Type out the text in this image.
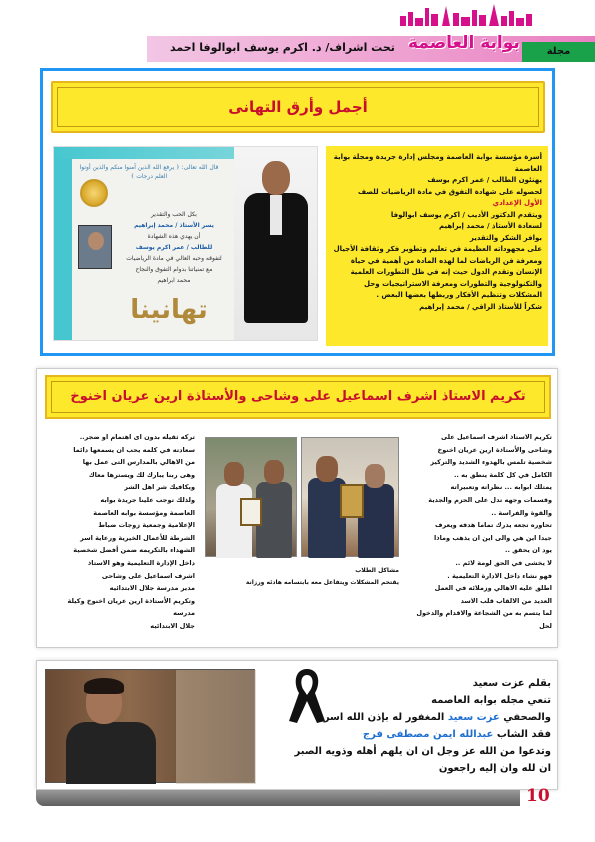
تحت اشراف/ د. اكرم يوسف ابوالوفا احمد بوابة العاصمة	مجلة
أجمل وأرق التهانى
قال الله تعالى: ﴿ يرفع الله الذين آمنوا منكم والذين أوتوا العلم درجات ﴾
بكل الحب والتقدير
يسر الأستاذ / محمد إبراهيم
أن يهدي هذه الشهادة
للطالب / عمر اكرم يوسف
لتفوقه وحبه العالي في مادة الرياضيات
مع تمنياتنا بدوام التفوق والنجاح
محمد ابراهيم
تهانينا

أسرة مؤسسة بوابة العاصمة ومجلس إدارة جريدة ومجلة بوابة العاصمة

يهنئون الطالب / عمر اكرم يوسف

لحصوله على شهادة التفوق في مادة الرياضيات للصف

الأول الإعدادي

ويتقدم الدكتور الأديب / اكرم يوسف ابوالوفا

لسعادة الأستاذ / محمد إبراهيم

بوافر الشكر والتقدير

على مجهوداته العظيمة في تعليم وتطوير فكر وثقافة الأجيال ومعرفة فن الرياضات لما لهذه المادة من أهمية في حياة الإنسان وتقدم الدول حيث إنه في ظل التطورات العلمية والتكنولوجية والتطورات ومعرفة الاستراتيجيات وحل المشكلات وتنظيم الأفكار وربطها بعضها البعض .

شكراً للأستاذ الراقي / محمد إبراهيم

تكريم الاستاذ اشرف اسماعيل على وشاحى والأستاذة ارين عريان اخنوخ
تكريم الاستاذ اشرف اسماعيل على
وشاحى والأستاذة ارين عريان اخنوخ
شخصية تلمس بالهدوء الشديد والتركيز
الكامل في كل كلمة ينطق به ..
يمتلك ابوابه ... نظراته وتعبيراته
وقسمات وجهه تدل على الحزم والجدية
والقوة والفراسة ..
تحاوره تجعه يدرك تماما هدفه ويعرف
جيدا اين هي والى اين ان يذهب وماذا
يود ان يحقق ..
لا يخشى في الحق لومة لائم ..
فهو نشاء داخل الادارة التعليمية .
اطلق عليه الاهالي وزملائه في العمل
العديد من الالقاب قلب الاسد
لما يتسم به من الشجاعة والاقدام والدخول لحل
مشاكل الطلاب
يقتحم المشكلات ويتفاعل معه بابتسامه هادئه ورزانة
تركه ثقيله بدون اى اهتمام او ضجر..
سعادته في كلمه يحب ان يسمعها دائما
من الاهالي بالمدارس التى عمل بها
وهى ربنا يبارك لك ويسترها معاك
ويكافيك شر اهل الشر
ولذلك توجب علينا جريدة بوابه
العاصمة ومؤسسة بوابه العاصمة
الإعلامية وجمعية زوجات ضباط
الشرطة للأعمال الخيرية ورعاية اسر
الشهداء بالتكريمه ضمن أفضل شخصية
داخل الإدارة التعليمية وهو الاستاذ
اشرف اسماعيل على وشاحى
مدير مدرسة جلال الابتدائيه
وتكريم الأستاذة ارين عريان اخنوخ وكيلة مدرسه
جلال الابتدائيه
بقلم عزت سعيد
تنعي مجله بوابه العاصمه
والصحفي عزت سعيد المغفور له بإذن الله اسره
فقد الشاب عبدالله ايمن مصطفى فرج
وتدعوا من الله عز وجل ان ان يلهم أهله وذويه الصبر
ان لله وان إليه راجعون
10
